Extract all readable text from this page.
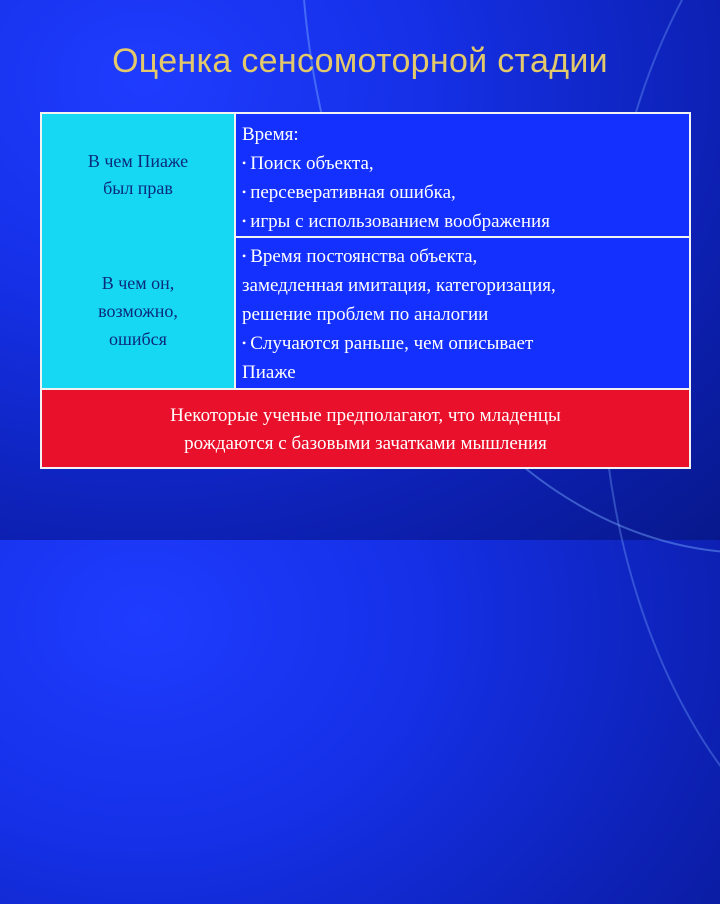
Оценка сенсомоторной стадии
В чем Пиаже
был прав
Время:
• Поиск объекта,
• персеверативная ошибка,
• игры с использованием воображения
В чем он,
возможно,
ошибся
• Время постоянства объекта,
замедленная имитация, категоризация,
решение проблем по аналогии
• Случаются раньше, чем описывает
Пиаже
Некоторые ученые предполагают, что младенцы
рождаются с базовыми зачатками мышления
